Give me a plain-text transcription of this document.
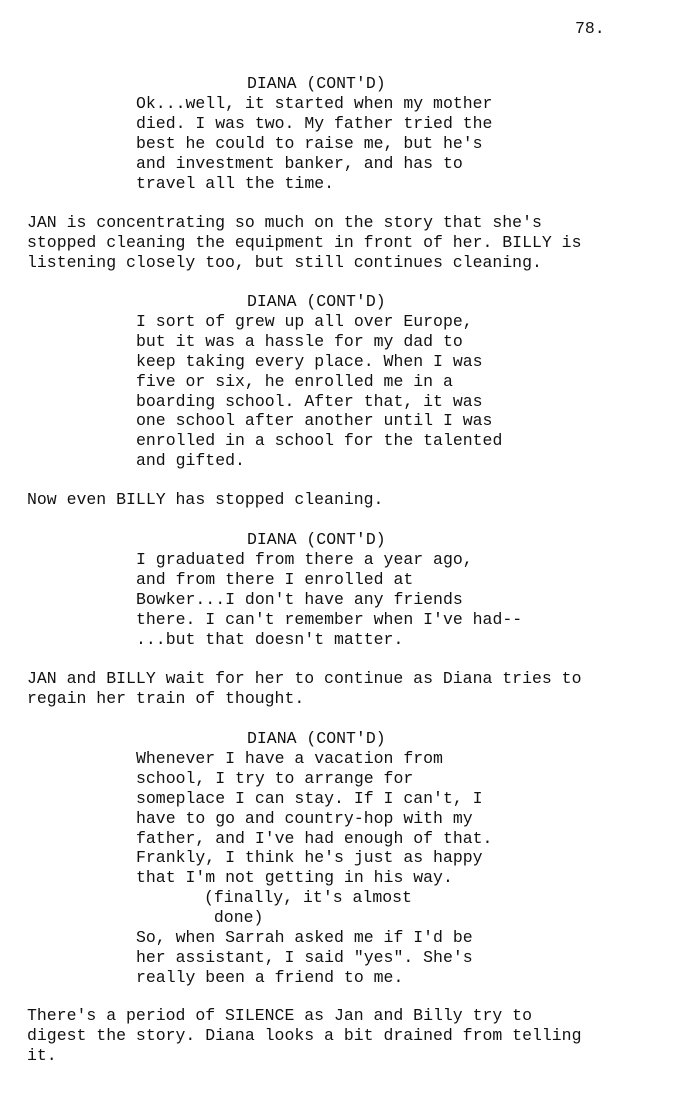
78.
DIANA (CONT'D)
Ok...well, it started when my mother
died. I was two. My father tried the
best he could to raise me, but he's
and investment banker, and has to
travel all the time.
JAN is concentrating so much on the story that she's
stopped cleaning the equipment in front of her. BILLY is
listening closely too, but still continues cleaning.
DIANA (CONT'D)
I sort of grew up all over Europe,
but it was a hassle for my dad to
keep taking every place. When I was
five or six, he enrolled me in a
boarding school. After that, it was
one school after another until I was
enrolled in a school for the talented
and gifted.
Now even BILLY has stopped cleaning.
DIANA (CONT'D)
I graduated from there a year ago,
and from there I enrolled at
Bowker...I don't have any friends
there. I can't remember when I've had--
...but that doesn't matter.
JAN and BILLY wait for her to continue as Diana tries to
regain her train of thought.
DIANA (CONT'D)
Whenever I have a vacation from
school, I try to arrange for
someplace I can stay. If I can't, I
have to go and country-hop with my
father, and I've had enough of that.
Frankly, I think he's just as happy
that I'm not getting in his way.
(finally, it's almost
done)
So, when Sarrah asked me if I'd be
her assistant, I said "yes". She's
really been a friend to me.
There's a period of SILENCE as Jan and Billy try to
digest the story. Diana looks a bit drained from telling
it.
